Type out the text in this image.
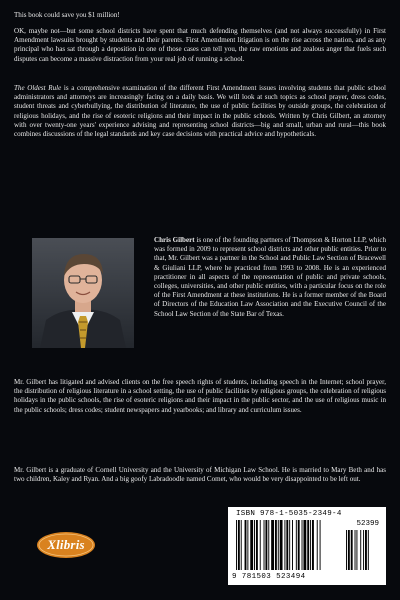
This book could save you $1 million!

OK, maybe not—but some school districts have spent that much defending themselves (and not always successfully) in First Amendment lawsuits brought by students and their parents. First Amendment litigation is on the rise across the nation, and as any principal who has sat through a deposition in one of those cases can tell you, the raw emotions and zealous anger that fuels such disputes can become a massive distraction from your real job of running a school.

The Oldest Rule is a comprehensive examination of the different First Amendment issues involving students that public school administrators and attorneys are increasingly facing on a daily basis. We will look at such topics as school prayer, dress codes, student threats and cyberbullying, the distribution of literature, the use of public facilities by outside groups, the celebration of religious holidays, and the rise of esoteric religions and their impact in the public schools. Written by Chris Gilbert, an attorney with over twenty-one years' experience advising and representing school districts—big and small, urban and rural—this book combines discussions of the legal standards and key case decisions with practical advice and hypotheticals.

Chris Gilbert is one of the founding partners of Thompson & Horton LLP, which was formed in 2009 to represent school districts and other public entities. Prior to that, Mr. Gilbert was a partner in the School and Public Law Section of Bracewell & Giuliani LLP, where he practiced from 1993 to 2008. He is an experienced practitioner in all aspects of the representation of public and private schools, colleges, universities, and other public entities, with a particular focus on the role of the First Amendment at these institutions. He is a former member of the Board of Directors of the Education Law Association and the Executive Council of the School Law Section of the State Bar of Texas.

Mr. Gilbert has litigated and advised clients on the free speech rights of students, including speech in the Internet; school prayer, the distribution of religious literature in a school setting, the use of public facilities by religious groups, the celebration of religious holidays in the public schools, the rise of esoteric religions and their impact in the public sector, and the use of religious music in the public schools; dress codes; student newspapers and yearbooks; and library and curriculum issues.

Mr. Gilbert is a graduate of Cornell University and the University of Michigan Law School. He is married to Mary Beth and has two children, Kaley and Ryan. And a big goofy Labradoodle named Comet, who would be very disappointed to be left out.

Xlibris
ISBN 978-1-5035-2349-4
52399
9 781503 523494
